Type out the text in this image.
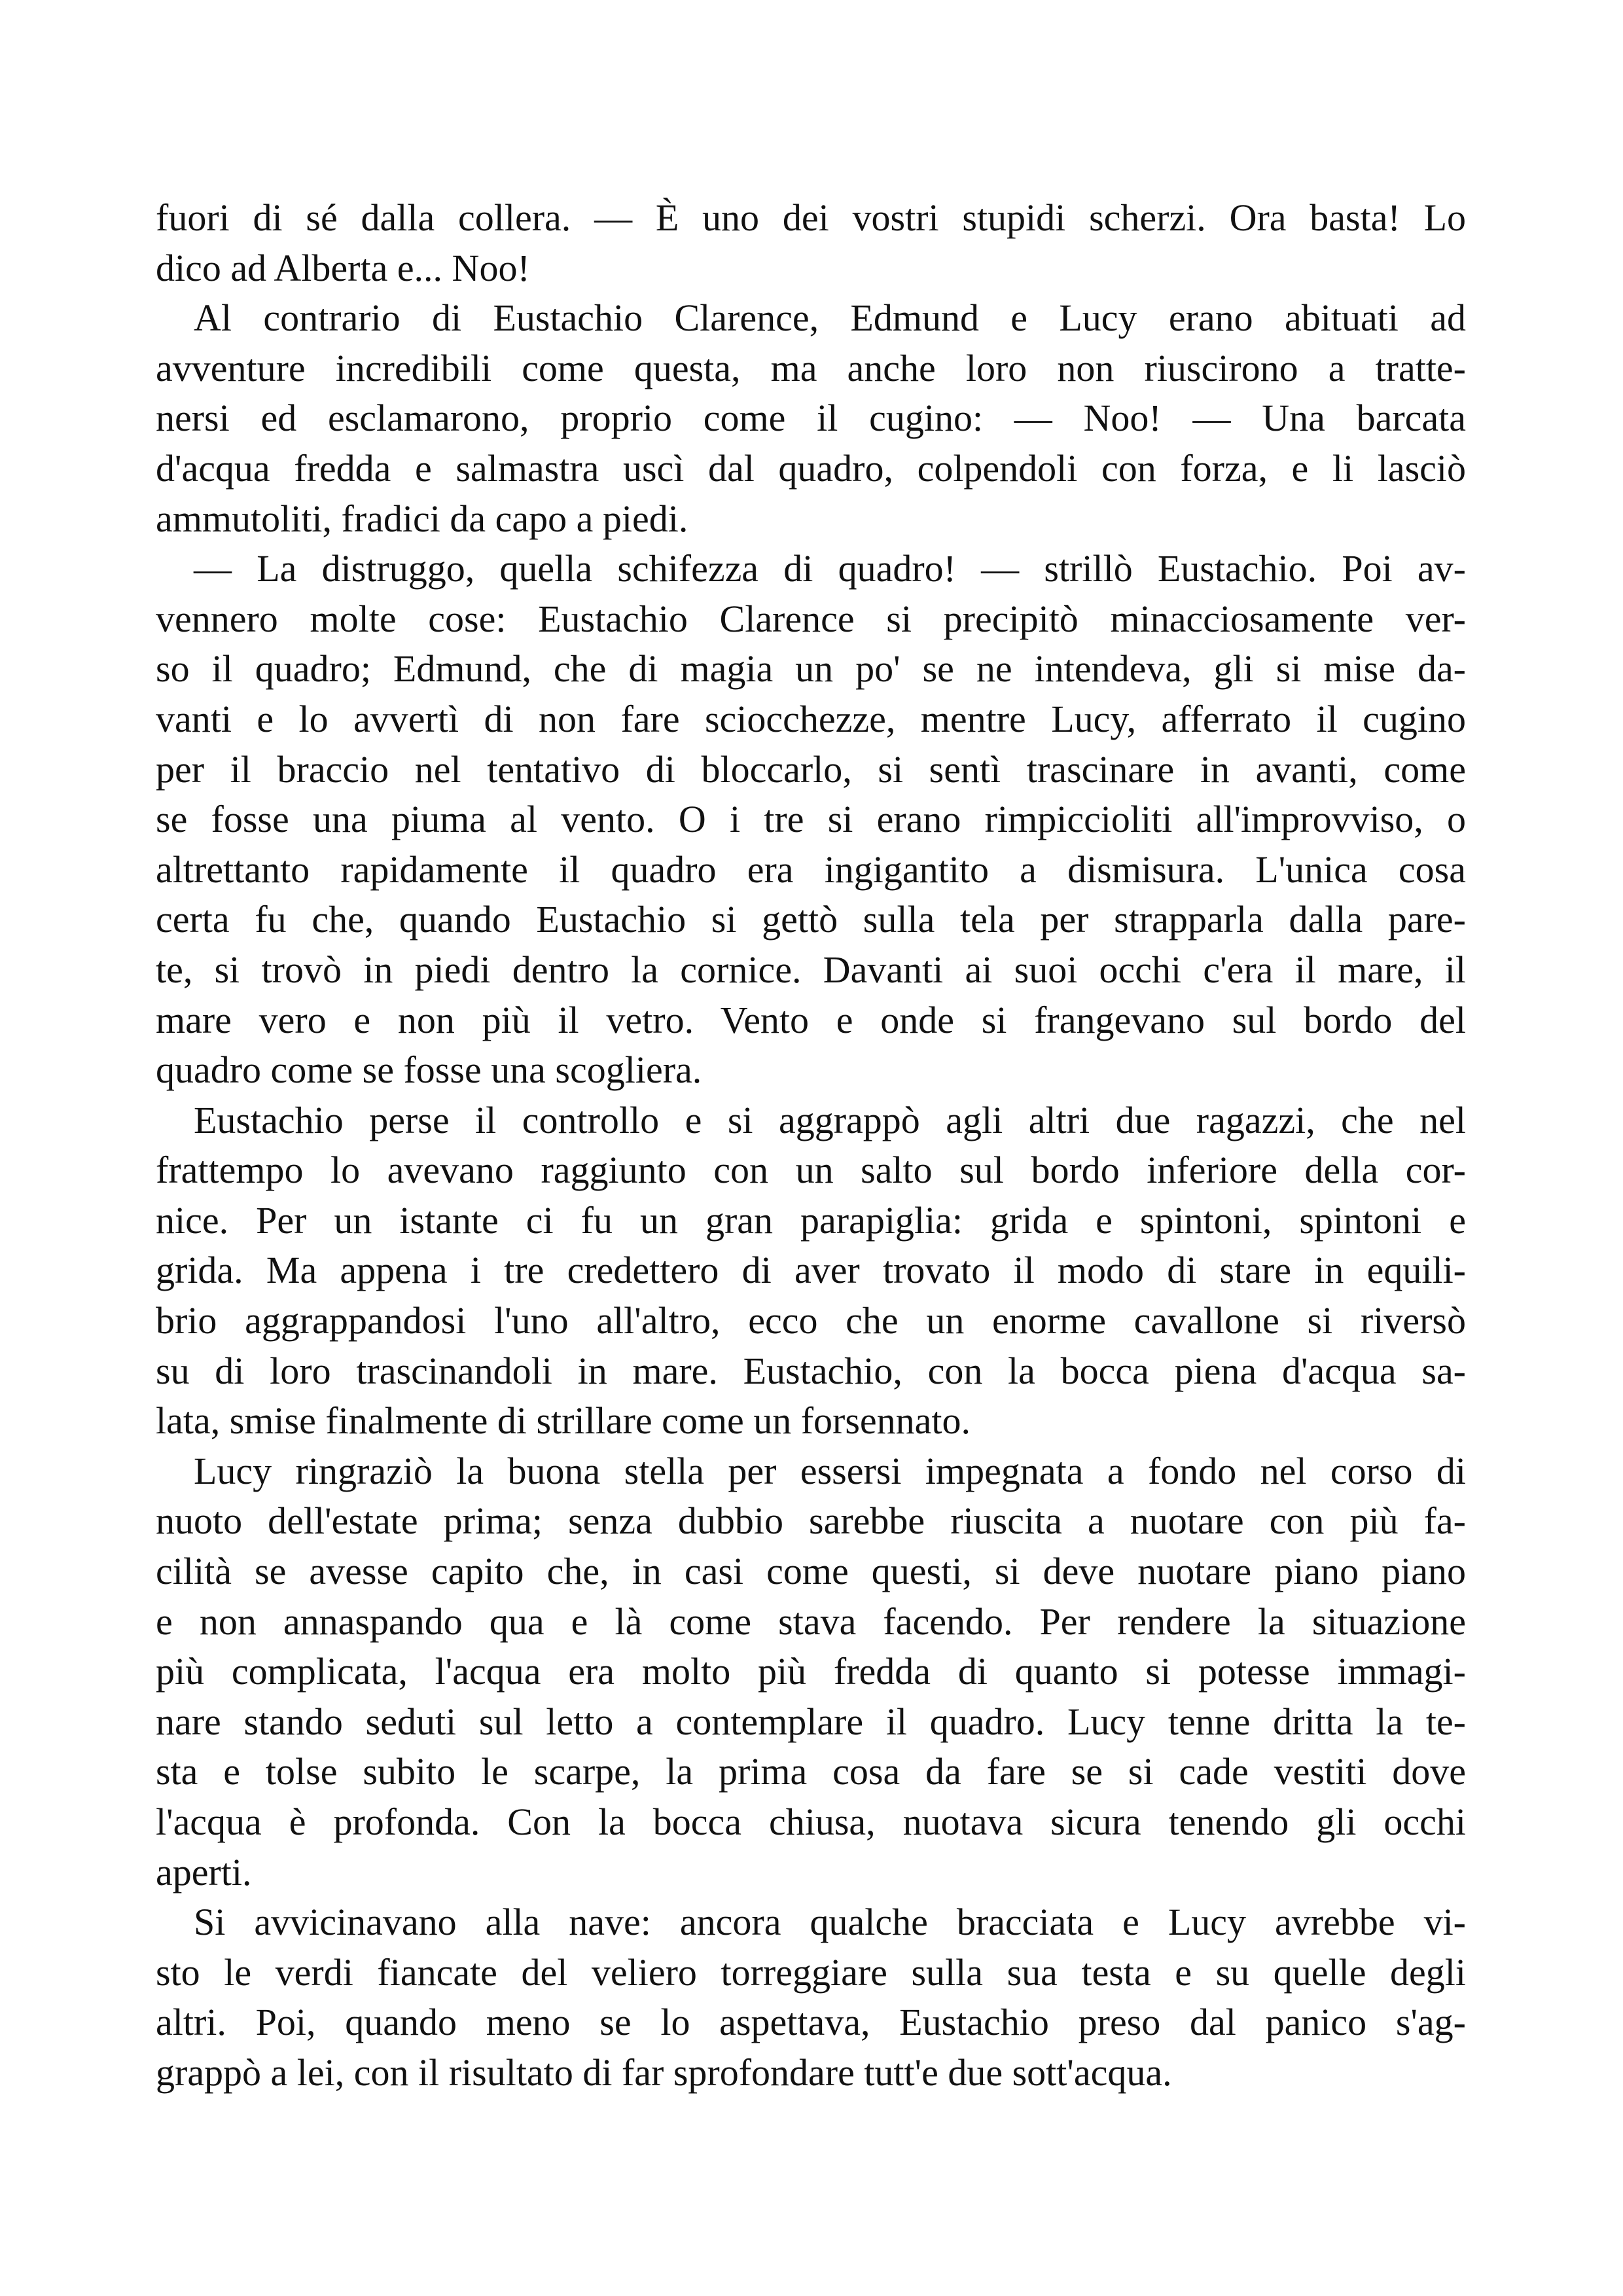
fuori di sé dalla collera. — È uno dei vostri stupidi scherzi. Ora basta! Lo
dico ad Alberta e... Noo!
Al contrario di Eustachio Clarence, Edmund e Lucy erano abituati ad
avventure incredibili come questa, ma anche loro non riuscirono a tratte-
nersi ed esclamarono, proprio come il cugino: — Noo! — Una barcata
d'acqua fredda e salmastra uscì dal quadro, colpendoli con forza, e li lasciò
ammutoliti, fradici da capo a piedi.
— La distruggo, quella schifezza di quadro! — strillò Eustachio. Poi av-
vennero molte cose: Eustachio Clarence si precipitò minacciosamente ver-
so il quadro; Edmund, che di magia un po' se ne intendeva, gli si mise da-
vanti e lo avvertì di non fare sciocchezze, mentre Lucy, afferrato il cugino
per il braccio nel tentativo di bloccarlo, si sentì trascinare in avanti, come
se fosse una piuma al vento. O i tre si erano rimpiccioliti all'improvviso, o
altrettanto rapidamente il quadro era ingigantito a dismisura. L'unica cosa
certa fu che, quando Eustachio si gettò sulla tela per strapparla dalla pare-
te, si trovò in piedi dentro la cornice. Davanti ai suoi occhi c'era il mare, il
mare vero e non più il vetro. Vento e onde si frangevano sul bordo del
quadro come se fosse una scogliera.
Eustachio perse il controllo e si aggrappò agli altri due ragazzi, che nel
frattempo lo avevano raggiunto con un salto sul bordo inferiore della cor-
nice. Per un istante ci fu un gran parapiglia: grida e spintoni, spintoni e
grida. Ma appena i tre credettero di aver trovato il modo di stare in equili-
brio aggrappandosi l'uno all'altro, ecco che un enorme cavallone si riversò
su di loro trascinandoli in mare. Eustachio, con la bocca piena d'acqua sa-
lata, smise finalmente di strillare come un forsennato.
Lucy ringraziò la buona stella per essersi impegnata a fondo nel corso di
nuoto dell'estate prima; senza dubbio sarebbe riuscita a nuotare con più fa-
cilità se avesse capito che, in casi come questi, si deve nuotare piano piano
e non annaspando qua e là come stava facendo. Per rendere la situazione
più complicata, l'acqua era molto più fredda di quanto si potesse immagi-
nare stando seduti sul letto a contemplare il quadro. Lucy tenne dritta la te-
sta e tolse subito le scarpe, la prima cosa da fare se si cade vestiti dove
l'acqua è profonda. Con la bocca chiusa, nuotava sicura tenendo gli occhi
aperti.
Si avvicinavano alla nave: ancora qualche bracciata e Lucy avrebbe vi-
sto le verdi fiancate del veliero torreggiare sulla sua testa e su quelle degli
altri. Poi, quando meno se lo aspettava, Eustachio preso dal panico s'ag-
grappò a lei, con il risultato di far sprofondare tutt'e due sott'acqua.
